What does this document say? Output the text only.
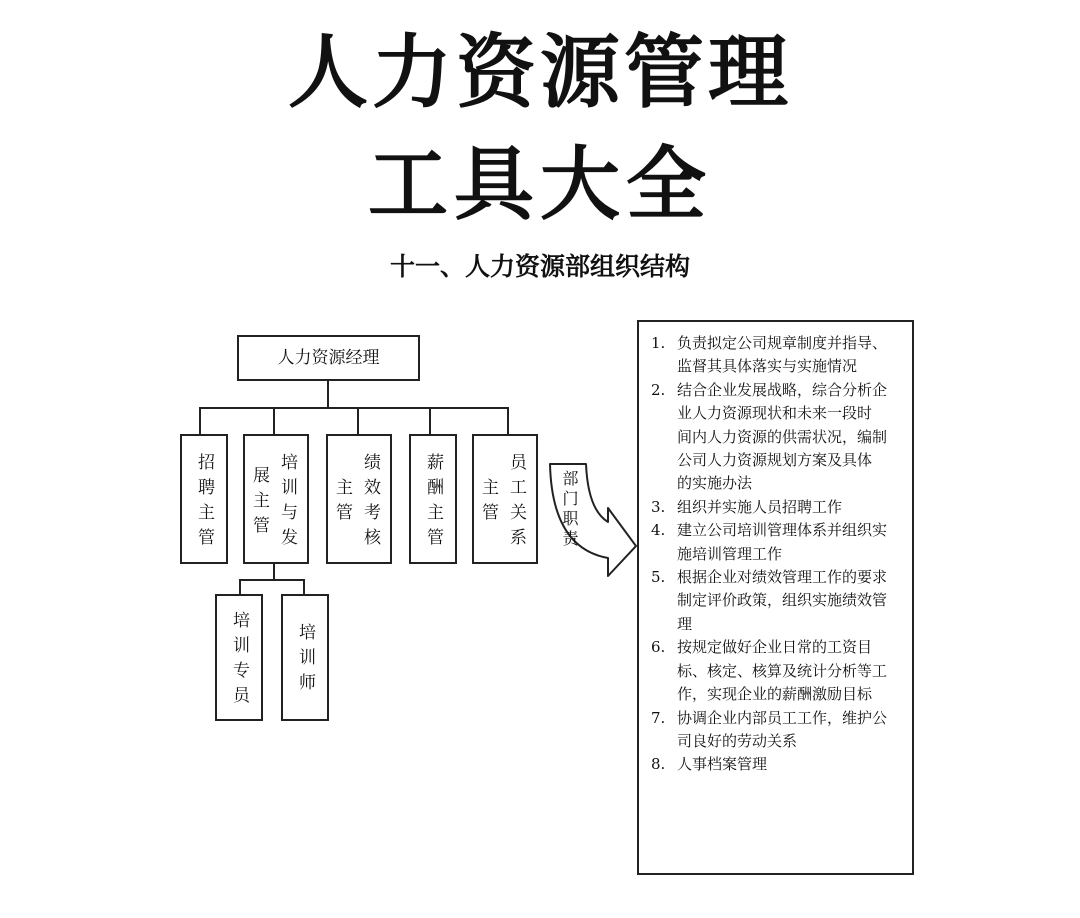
人力资源管理
工具大全
十一、人力资源部组织结构
人力资源经理
招聘主管	培训与发展主管	绩效考核主管	薪酬主管	员工关系主管
培训专员	培训师
部门职责
1. 负责拟定公司规章制度并指导、
监督其具体落实与实施情况
2. 结合企业发展战略，综合分析企
业人力资源现状和未来一段时
间内人力资源的供需状况，编制
公司人力资源规划方案及具体
的实施办法
3. 组织并实施人员招聘工作
4. 建立公司培训管理体系并组织实
施培训管理工作
5. 根据企业对绩效管理工作的要求
制定评价政策，组织实施绩效管
理
6. 按规定做好企业日常的工资目
标、核定、核算及统计分析等工
作，实现企业的薪酬激励目标
7. 协调企业内部员工工作，维护公
司良好的劳动关系
8. 人事档案管理
